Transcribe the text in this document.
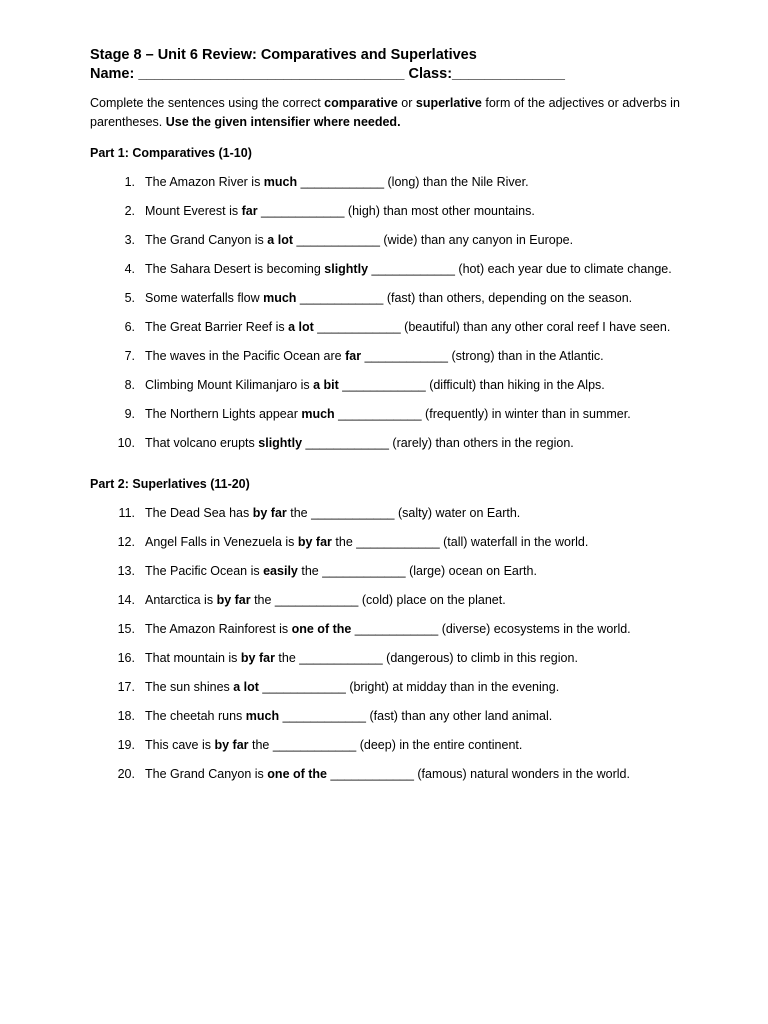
Stage 8 – Unit 6 Review: Comparatives and Superlatives
Name: _________________________________ Class:______________
Complete the sentences using the correct comparative or superlative form of the adjectives or adverbs in parentheses. Use the given intensifier where needed.
Part 1: Comparatives (1-10)
1. The Amazon River is much ____________ (long) than the Nile River.
2. Mount Everest is far ____________ (high) than most other mountains.
3. The Grand Canyon is a lot ____________ (wide) than any canyon in Europe.
4. The Sahara Desert is becoming slightly ____________ (hot) each year due to climate change.
5. Some waterfalls flow much ____________ (fast) than others, depending on the season.
6. The Great Barrier Reef is a lot ____________ (beautiful) than any other coral reef I have seen.
7. The waves in the Pacific Ocean are far ____________ (strong) than in the Atlantic.
8. Climbing Mount Kilimanjaro is a bit ____________ (difficult) than hiking in the Alps.
9. The Northern Lights appear much ____________ (frequently) in winter than in summer.
10. That volcano erupts slightly ____________ (rarely) than others in the region.
Part 2: Superlatives (11-20)
11. The Dead Sea has by far the ____________ (salty) water on Earth.
12. Angel Falls in Venezuela is by far the ____________ (tall) waterfall in the world.
13. The Pacific Ocean is easily the ____________ (large) ocean on Earth.
14. Antarctica is by far the ____________ (cold) place on the planet.
15. The Amazon Rainforest is one of the ____________ (diverse) ecosystems in the world.
16. That mountain is by far the ____________ (dangerous) to climb in this region.
17. The sun shines a lot ____________ (bright) at midday than in the evening.
18. The cheetah runs much ____________ (fast) than any other land animal.
19. This cave is by far the ____________ (deep) in the entire continent.
20. The Grand Canyon is one of the ____________ (famous) natural wonders in the world.
